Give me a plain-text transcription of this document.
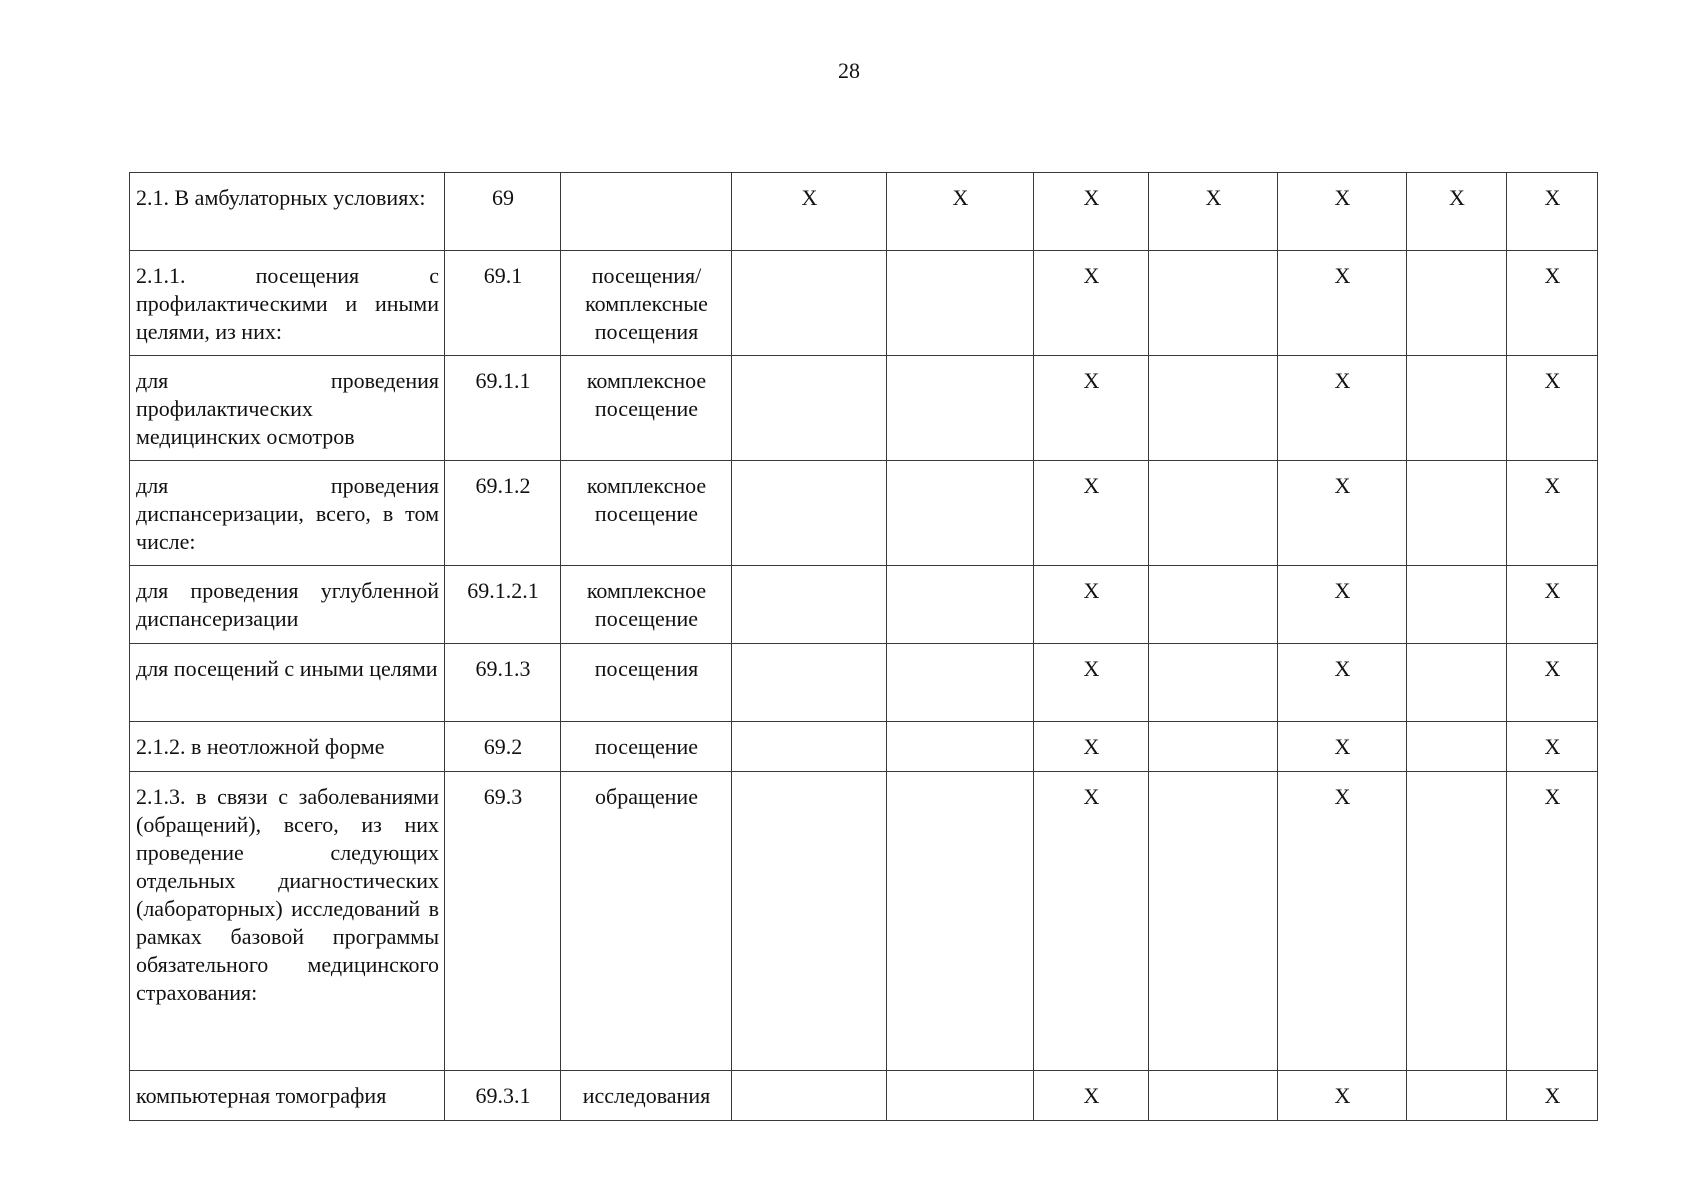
28
2.1. В амбулаторных условиях:	69		X	X	X	X	X	X	X
2.1.1. посещения с профилактическими и иными целями, из них:	69.1	посещения/ комплексные посещения			X		X		X
для проведения профилактических медицинских осмотров	69.1.1	комплексное посещение			X		X		X
для проведения диспансеризации, всего, в том числе:	69.1.2	комплексное посещение			X		X		X
для проведения углубленной диспансеризации	69.1.2.1	комплексное посещение			X		X		X
для посещений с иными целями	69.1.3	посещения			X		X		X
2.1.2. в неотложной форме	69.2	посещение			X		X		X
2.1.3. в связи с заболеваниями (обращений), всего, из них проведение следующих отдельных диагностических (лабораторных) исследований в рамках базовой программы обязательного медицинского страхования:	69.3	обращение			X		X		X
компьютерная томография	69.3.1	исследования			X		X		X
